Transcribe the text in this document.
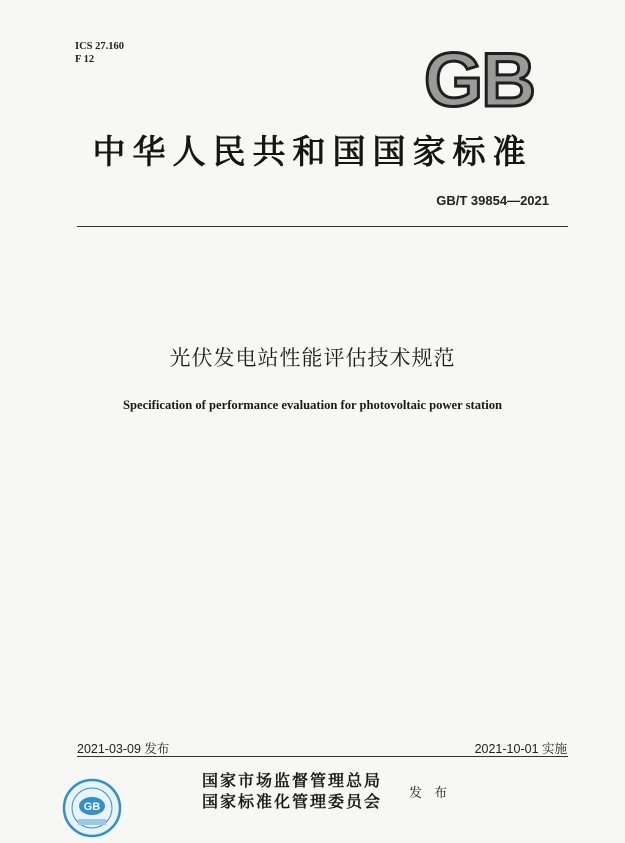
ICS 27.160
F 12	GB
中华人民共和国国家标准
GB/T 39854—2021
光伏发电站性能评估技术规范
Specification of performance evaluation for photovoltaic power station
2021-03-09 发布	2021-10-01 实施
GB
国家市场监督管理总局
国家标准化管理委员会 发 布
